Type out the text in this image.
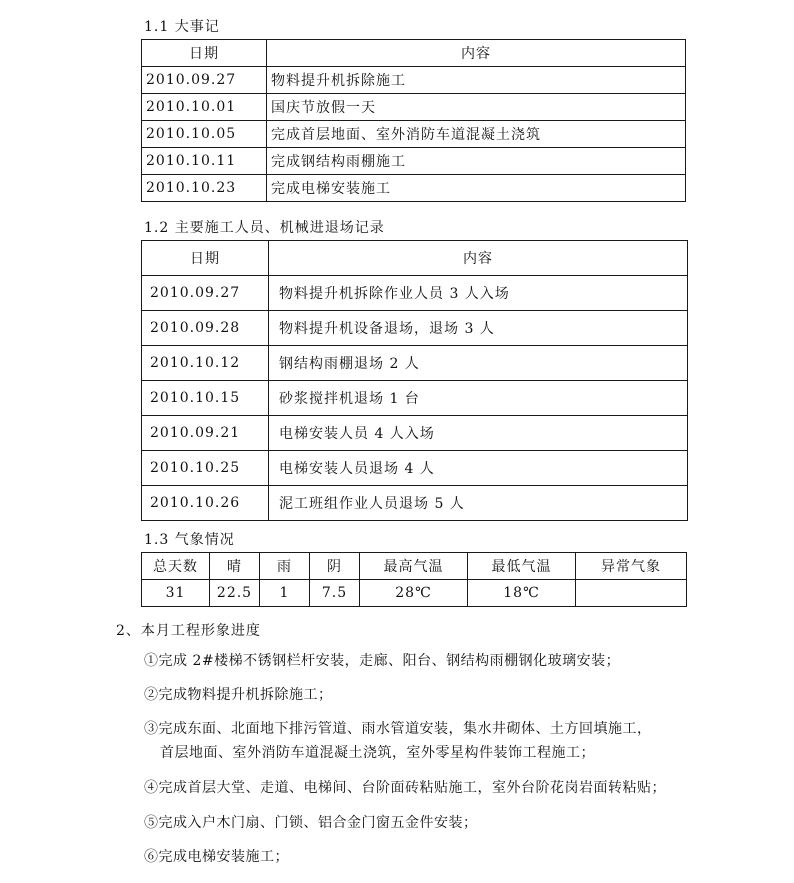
1.1 大事记
日期	内容
2010.09.27	物料提升机拆除施工
2010.10.01	国庆节放假一天
2010.10.05	完成首层地面、室外消防车道混凝土浇筑
2010.10.11	完成钢结构雨棚施工
2010.10.23	完成电梯安装施工
1.2 主要施工人员、机械进退场记录
日期	内容
2010.09.27	物料提升机拆除作业人员 3 人入场
2010.09.28	物料提升机设备退场，退场 3 人
2010.10.12	钢结构雨棚退场 2 人
2010.10.15	砂浆搅拌机退场 1 台
2010.09.21	电梯安装人员 4 人入场
2010.10.25	电梯安装人员退场 4 人
2010.10.26	泥工班组作业人员退场 5 人
1.3 气象情况
总天数	晴	雨	阴	最高气温	最低气温	异常气象
31	22.5	1	7.5	28℃	18℃	
2、本月工程形象进度
①完成 2#楼梯不锈钢栏杆安装，走廊、阳台、钢结构雨棚钢化玻璃安装；
②完成物料提升机拆除施工；
③完成东面、北面地下排污管道、雨水管道安装，集水井砌体、土方回填施工，
首层地面、室外消防车道混凝土浇筑，室外零星构件装饰工程施工；
④完成首层大堂、走道、电梯间、台阶面砖粘贴施工，室外台阶花岗岩面转粘贴；
⑤完成入户木门扇、门锁、铝合金门窗五金件安装；
⑥完成电梯安装施工；
